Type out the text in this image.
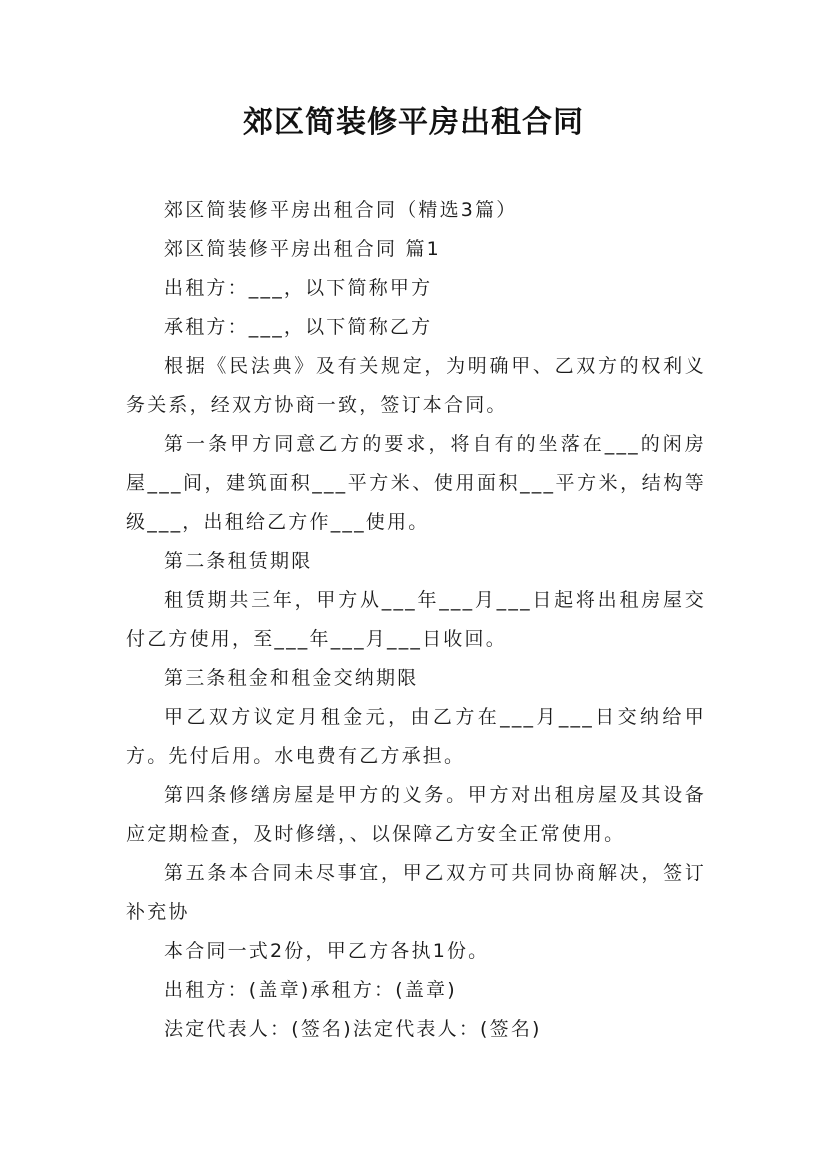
郊区简装修平房出租合同

郊区简装修平房出租合同（精选3篇）

郊区简装修平房出租合同 篇1

出租方：___，以下简称甲方

承租方：___，以下简称乙方

根据《民法典》及有关规定，为明确甲、乙双方的权利义务关系，经双方协商一致，签订本合同。

第一条甲方同意乙方的要求，将自有的坐落在___的闲房屋___间，建筑面积___平方米、使用面积___平方米，结构等级___，出租给乙方作___使用。

第二条租赁期限

租赁期共三年，甲方从___年___月___日起将出租房屋交付乙方使用，至___年___月___日收回。

第三条租金和租金交纳期限

甲乙双方议定月租金元，由乙方在___月___日交纳给甲方。先付后用。水电费有乙方承担。

第四条修缮房屋是甲方的义务。甲方对出租房屋及其设备应定期检查，及时修缮，、以保障乙方安全正常使用。

第五条本合同未尽事宜，甲乙双方可共同协商解决，签订补充协

本合同一式2份，甲乙方各执1份。

出租方：(盖章)承租方：(盖章)

法定代表人：(签名)法定代表人：(签名)
